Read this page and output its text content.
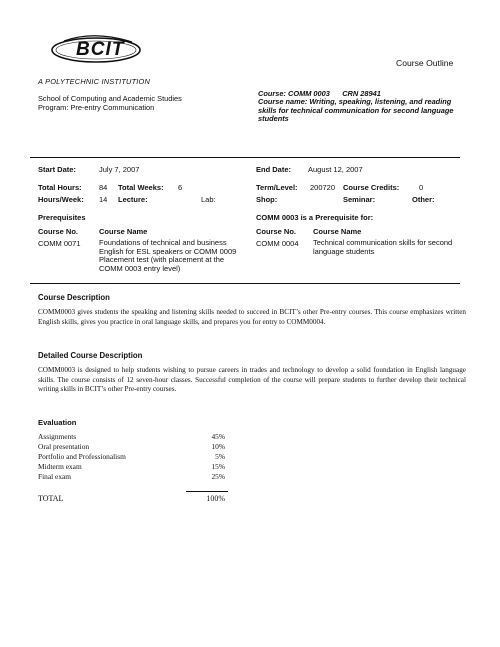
BCIT
A POLYTECHNIC INSTITUTION
Course Outline
School of Computing and Academic Studies
Program: Pre-entry Communication
Course: COMM 0003      CRN 28941
Course name: Writing, speaking, listening, and reading skills for technical communication for second language students
Start Date:	July 7, 2007	End Date: August 12, 2007
Total Hours: 84 Total Weeks: 6	Term/Level: 200720 Course Credits:	0
Hours/Week: 14 Lecture:	Lab:	Shop:	Seminar:	Other:
Prerequisites
Course No.	Course Name
COMM 0071 Foundations of technical and business English for ESL speakers or COMM 0009 Placement test (with placement at the COMM 0003 entry level)
COMM 0003 is a Prerequisite for:
Course No. Course Name
COMM 0004 Technical communication skills for second language students
Course Description
COMM0003 gives students the speaking and listening skills needed to succeed in BCIT’s other Pre-entry courses. This course emphasizes written English skills, gives you practice in oral language skills, and prepares you for entry to COMM0004.
Detailed Course Description
COMM0003 is designed to help students wishing to pursue careers in trades and technology to develop a solid foundation in English language skills. The course consists of 12 seven-hour classes. Successful completion of the course will prepare students to further develop their technical writing skills in BCIT’s other Pre-entry courses.
Evaluation
Assignments	45%
Oral presentation	10%
Portfolio and Professionalism	5%
Midterm exam	15%
Final exam	25%
TOTAL	100%
